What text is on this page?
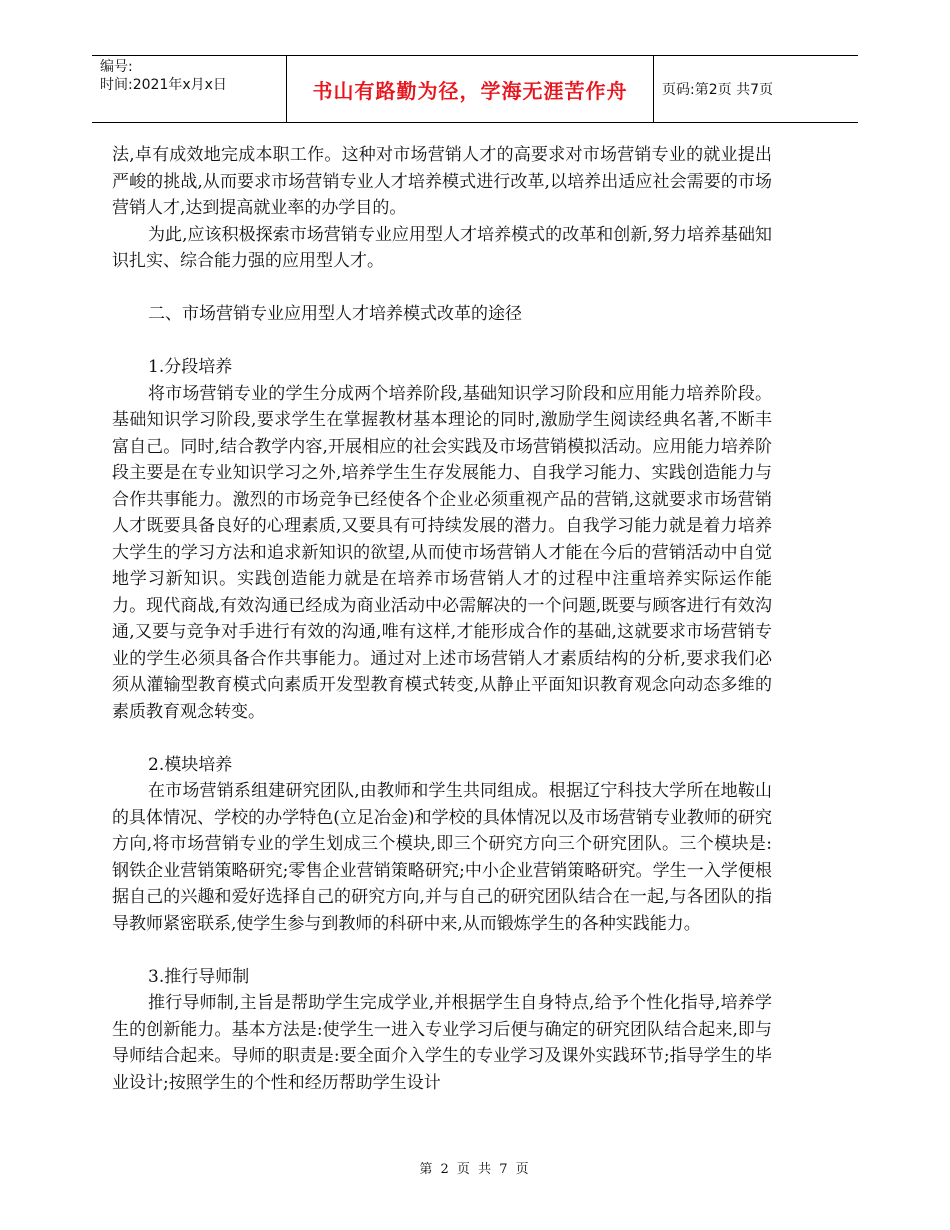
编号:
时间:2021年x月x日	书山有路勤为径，学海无涯苦作舟	页码:第2页 共7页

法,卓有成效地完成本职工作。这种对市场营销人才的高要求对市场营销专业的就业提出严峻的挑战,从而要求市场营销专业人才培养模式进行改革,以培养出适应社会需要的市场营销人才,达到提高就业率的办学目的。

为此,应该积极探索市场营销专业应用型人才培养模式的改革和创新,努力培养基础知识扎实、综合能力强的应用型人才。

二、市场营销专业应用型人才培养模式改革的途径

1.分段培养

将市场营销专业的学生分成两个培养阶段,基础知识学习阶段和应用能力培养阶段。基础知识学习阶段,要求学生在掌握教材基本理论的同时,激励学生阅读经典名著,不断丰富自己。同时,结合教学内容,开展相应的社会实践及市场营销模拟活动。应用能力培养阶段主要是在专业知识学习之外,培养学生生存发展能力、自我学习能力、实践创造能力与合作共事能力。激烈的市场竞争已经使各个企业必须重视产品的营销,这就要求市场营销人才既要具备良好的心理素质,又要具有可持续发展的潜力。自我学习能力就是着力培养大学生的学习方法和追求新知识的欲望,从而使市场营销人才能在今后的营销活动中自觉地学习新知识。实践创造能力就是在培养市场营销人才的过程中注重培养实际运作能力。现代商战,有效沟通已经成为商业活动中必需解决的一个问题,既要与顾客进行有效沟通,又要与竞争对手进行有效的沟通,唯有这样,才能形成合作的基础,这就要求市场营销专业的学生必须具备合作共事能力。通过对上述市场营销人才素质结构的分析,要求我们必须从灌输型教育模式向素质开发型教育模式转变,从静止平面知识教育观念向动态多维的素质教育观念转变。

2.模块培养

在市场营销系组建研究团队,由教师和学生共同组成。根据辽宁科技大学所在地鞍山的具体情况、学校的办学特色(立足冶金)和学校的具体情况以及市场营销专业教师的研究方向,将市场营销专业的学生划成三个模块,即三个研究方向三个研究团队。三个模块是:钢铁企业营销策略研究;零售企业营销策略研究;中小企业营销策略研究。学生一入学便根据自己的兴趣和爱好选择自己的研究方向,并与自己的研究团队结合在一起,与各团队的指导教师紧密联系,使学生参与到教师的科研中来,从而锻炼学生的各种实践能力。

3.推行导师制

推行导师制,主旨是帮助学生完成学业,并根据学生自身特点,给予个性化指导,培养学生的创新能力。基本方法是:使学生一进入专业学习后便与确定的研究团队结合起来,即与导师结合起来。导师的职责是:要全面介入学生的专业学习及课外实践环节;指导学生的毕业设计;按照学生的个性和经历帮助学生设计

第 2 页 共 7 页
